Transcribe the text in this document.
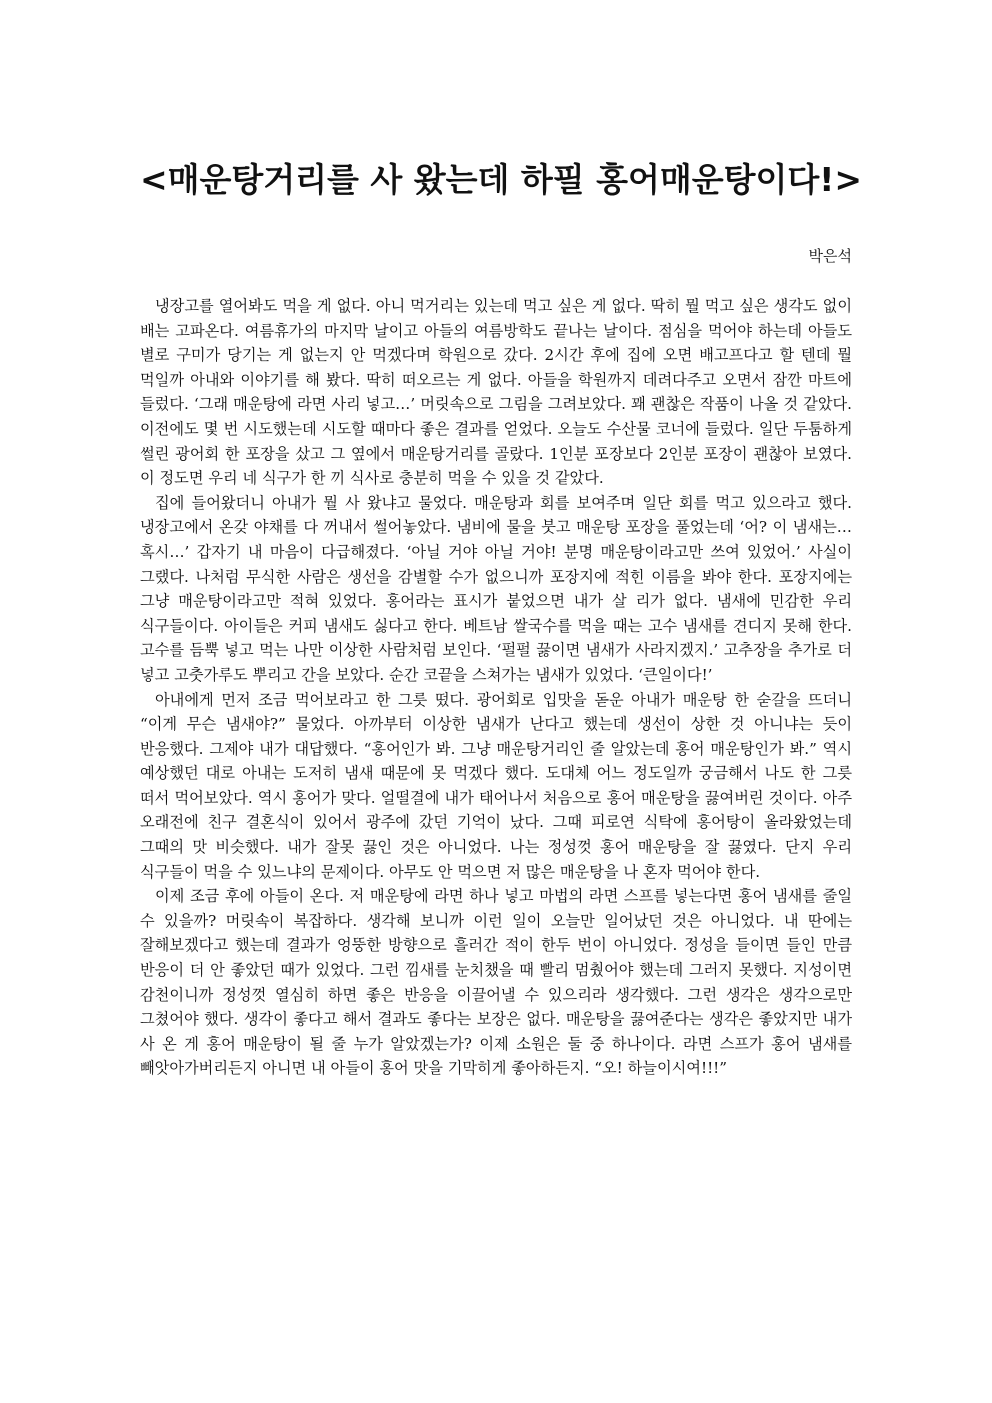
<매운탕거리를 사 왔는데 하필 홍어매운탕이다!>
박은석

냉장고를 열어봐도 먹을 게 없다. 아니 먹거리는 있는데 먹고 싶은 게 없다. 딱히 뭘 먹고 싶은 생각도 없이 배는 고파온다. 여름휴가의 마지막 날이고 아들의 여름방학도 끝나는 날이다. 점심을 먹어야 하는데 아들도 별로 구미가 당기는 게 없는지 안 먹겠다며 학원으로 갔다. 2시간 후에 집에 오면 배고프다고 할 텐데 뭘 먹일까 아내와 이야기를 해 봤다. 딱히 떠오르는 게 없다. 아들을 학원까지 데려다주고 오면서 잠깐 마트에 들렀다. ‘그래 매운탕에 라면 사리 넣고…’ 머릿속으로 그림을 그려보았다. 꽤 괜찮은 작품이 나올 것 같았다. 이전에도 몇 번 시도했는데 시도할 때마다 좋은 결과를 얻었다. 오늘도 수산물 코너에 들렀다. 일단 두툼하게 썰린 광어회 한 포장을 샀고 그 옆에서 매운탕거리를 골랐다. 1인분 포장보다 2인분 포장이 괜찮아 보였다. 이 정도면 우리 네 식구가 한 끼 식사로 충분히 먹을 수 있을 것 같았다.

집에 들어왔더니 아내가 뭘 사 왔냐고 물었다. 매운탕과 회를 보여주며 일단 회를 먹고 있으라고 했다. 냉장고에서 온갖 야채를 다 꺼내서 썰어놓았다. 냄비에 물을 붓고 매운탕 포장을 풀었는데 ‘어? 이 냄새는… 혹시…’ 갑자기 내 마음이 다급해졌다. ‘아닐 거야 아닐 거야! 분명 매운탕이라고만 쓰여 있었어.’ 사실이 그랬다. 나처럼 무식한 사람은 생선을 감별할 수가 없으니까 포장지에 적힌 이름을 봐야 한다. 포장지에는 그냥 매운탕이라고만 적혀 있었다. 홍어라는 표시가 붙었으면 내가 살 리가 없다. 냄새에 민감한 우리 식구들이다. 아이들은 커피 냄새도 싫다고 한다. 베트남 쌀국수를 먹을 때는 고수 냄새를 견디지 못해 한다. 고수를 듬뿍 넣고 먹는 나만 이상한 사람처럼 보인다. ‘펄펄 끓이면 냄새가 사라지겠지.’ 고추장을 추가로 더 넣고 고춧가루도 뿌리고 간을 보았다. 순간 코끝을 스쳐가는 냄새가 있었다. ‘큰일이다!’

아내에게 먼저 조금 먹어보라고 한 그릇 떴다. 광어회로 입맛을 돋운 아내가 매운탕 한 숟갈을 뜨더니 “이게 무슨 냄새야?” 물었다. 아까부터 이상한 냄새가 난다고 했는데 생선이 상한 것 아니냐는 듯이 반응했다. 그제야 내가 대답했다. “홍어인가 봐. 그냥 매운탕거리인 줄 알았는데 홍어 매운탕인가 봐.” 역시 예상했던 대로 아내는 도저히 냄새 때문에 못 먹겠다 했다. 도대체 어느 정도일까 궁금해서 나도 한 그릇 떠서 먹어보았다. 역시 홍어가 맞다. 얼떨결에 내가 태어나서 처음으로 홍어 매운탕을 끓여버린 것이다. 아주 오래전에 친구 결혼식이 있어서 광주에 갔던 기억이 났다. 그때 피로연 식탁에 홍어탕이 올라왔었는데 그때의 맛 비슷했다. 내가 잘못 끓인 것은 아니었다. 나는 정성껏 홍어 매운탕을 잘 끓였다. 단지 우리 식구들이 먹을 수 있느냐의 문제이다. 아무도 안 먹으면 저 많은 매운탕을 나 혼자 먹어야 한다.

이제 조금 후에 아들이 온다. 저 매운탕에 라면 하나 넣고 마법의 라면 스프를 넣는다면 홍어 냄새를 줄일 수 있을까? 머릿속이 복잡하다. 생각해 보니까 이런 일이 오늘만 일어났던 것은 아니었다. 내 딴에는 잘해보겠다고 했는데 결과가 엉뚱한 방향으로 흘러간 적이 한두 번이 아니었다. 정성을 들이면 들인 만큼 반응이 더 안 좋았던 때가 있었다. 그런 낌새를 눈치챘을 때 빨리 멈췄어야 했는데 그러지 못했다. 지성이면 감천이니까 정성껏 열심히 하면 좋은 반응을 이끌어낼 수 있으리라 생각했다. 그런 생각은 생각으로만 그쳤어야 했다. 생각이 좋다고 해서 결과도 좋다는 보장은 없다. 매운탕을 끓여준다는 생각은 좋았지만 내가 사 온 게 홍어 매운탕이 될 줄 누가 알았겠는가? 이제 소원은 둘 중 하나이다. 라면 스프가 홍어 냄새를 빼앗아가버리든지 아니면 내 아들이 홍어 맛을 기막히게 좋아하든지. “오! 하늘이시여!!!”
